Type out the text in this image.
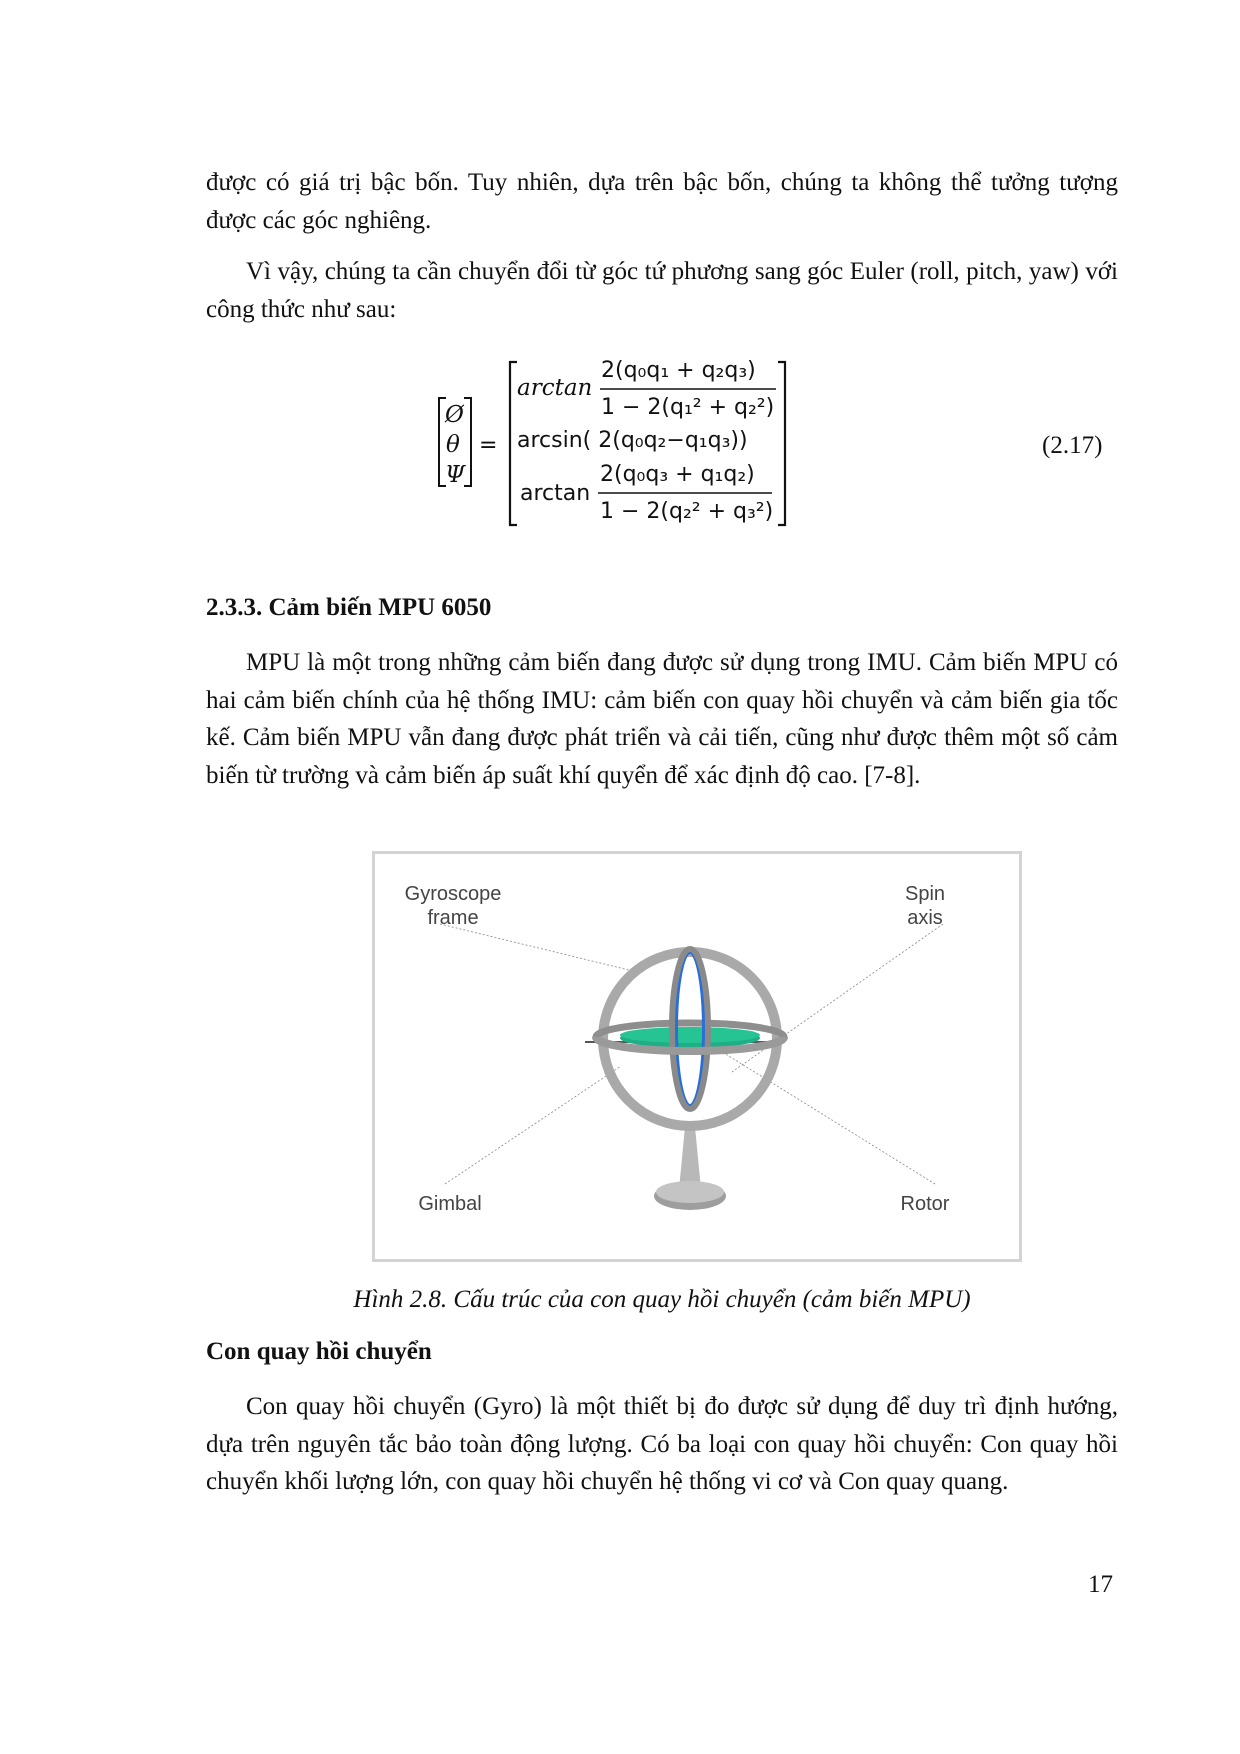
được có giá trị bậc bốn. Tuy nhiên, dựa trên bậc bốn, chúng ta không thể tưởng tượng được các góc nghiêng.

Vì vậy, chúng ta cần chuyển đổi từ góc tứ phương sang góc Euler (roll, pitch, yaw) với công thức như sau:

Ø
θ
Ψ
=
arctan
2(q₀q₁ + q₂q₃)
1 − 2(q₁² + q₂²)
arcsin( 2(q₀q₂−q₁q₃))
arctan
2(q₀q₃ + q₁q₂)
1 − 2(q₂² + q₃²)
(2.17)
2.3.3. Cảm biến MPU 6050

MPU là một trong những cảm biến đang được sử dụng trong IMU. Cảm biến MPU có hai cảm biến chính của hệ thống IMU: cảm biến con quay hồi chuyển và cảm biến gia tốc kế. Cảm biến MPU vẫn đang được phát triển và cải tiến, cũng như được thêm một số cảm biến từ trường và cảm biến áp suất khí quyển để xác định độ cao. [7-8].

Gyroscope
frame
Spin
axis
Gimbal	Rotor
Hình 2.8. Cấu trúc của con quay hồi chuyển (cảm biến MPU)
Con quay hồi chuyển

Con quay hồi chuyển (Gyro) là một thiết bị đo được sử dụng để duy trì định hướng, dựa trên nguyên tắc bảo toàn động lượng. Có ba loại con quay hồi chuyển: Con quay hồi chuyển khối lượng lớn, con quay hồi chuyển hệ thống vi cơ và Con quay quang.

17
